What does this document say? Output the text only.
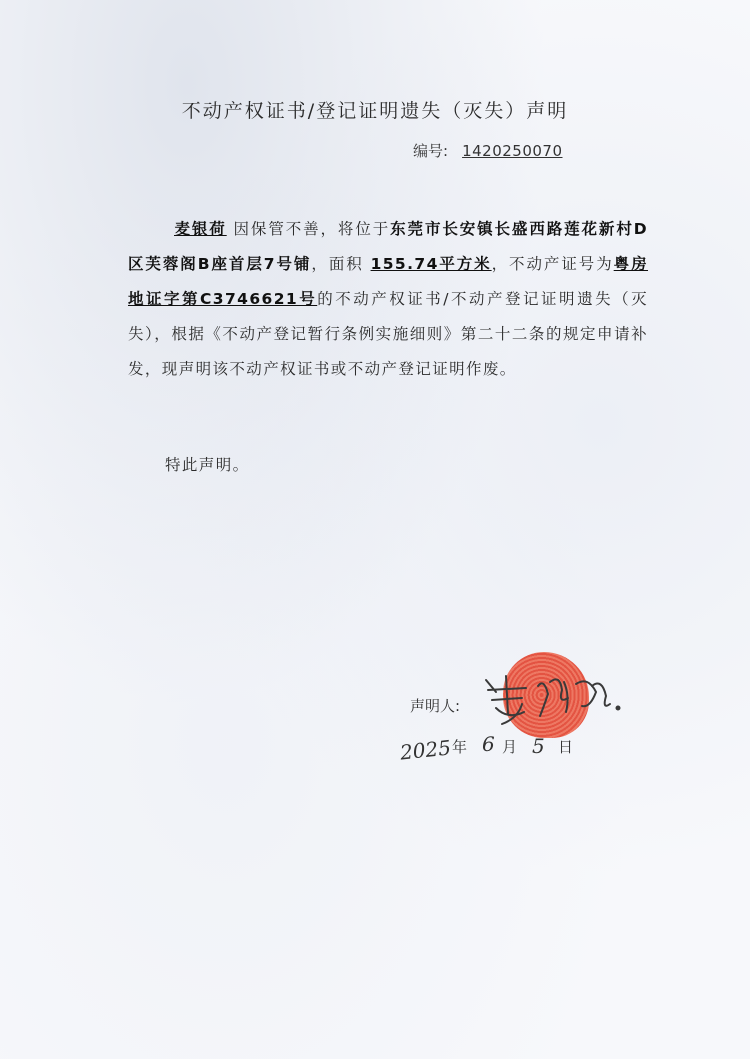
不动产权证书/登记证明遗失（灭失）声明
编号: 1420250070
麦银荷 因保管不善，将位于东莞市长安镇长盛西路莲花新村D区芙蓉阁B座首层7号铺，面积 155.74平方米，不动产证号为粤房地证字第C3746621号的不动产权证书/不动产登记证明遗失（灭失），根据《不动产登记暂行条例实施细则》第二十二条的规定申请补发，现声明该不动产权证书或不动产登记证明作废。
特此声明。
声明人:
2025 年 6 月 5 日
